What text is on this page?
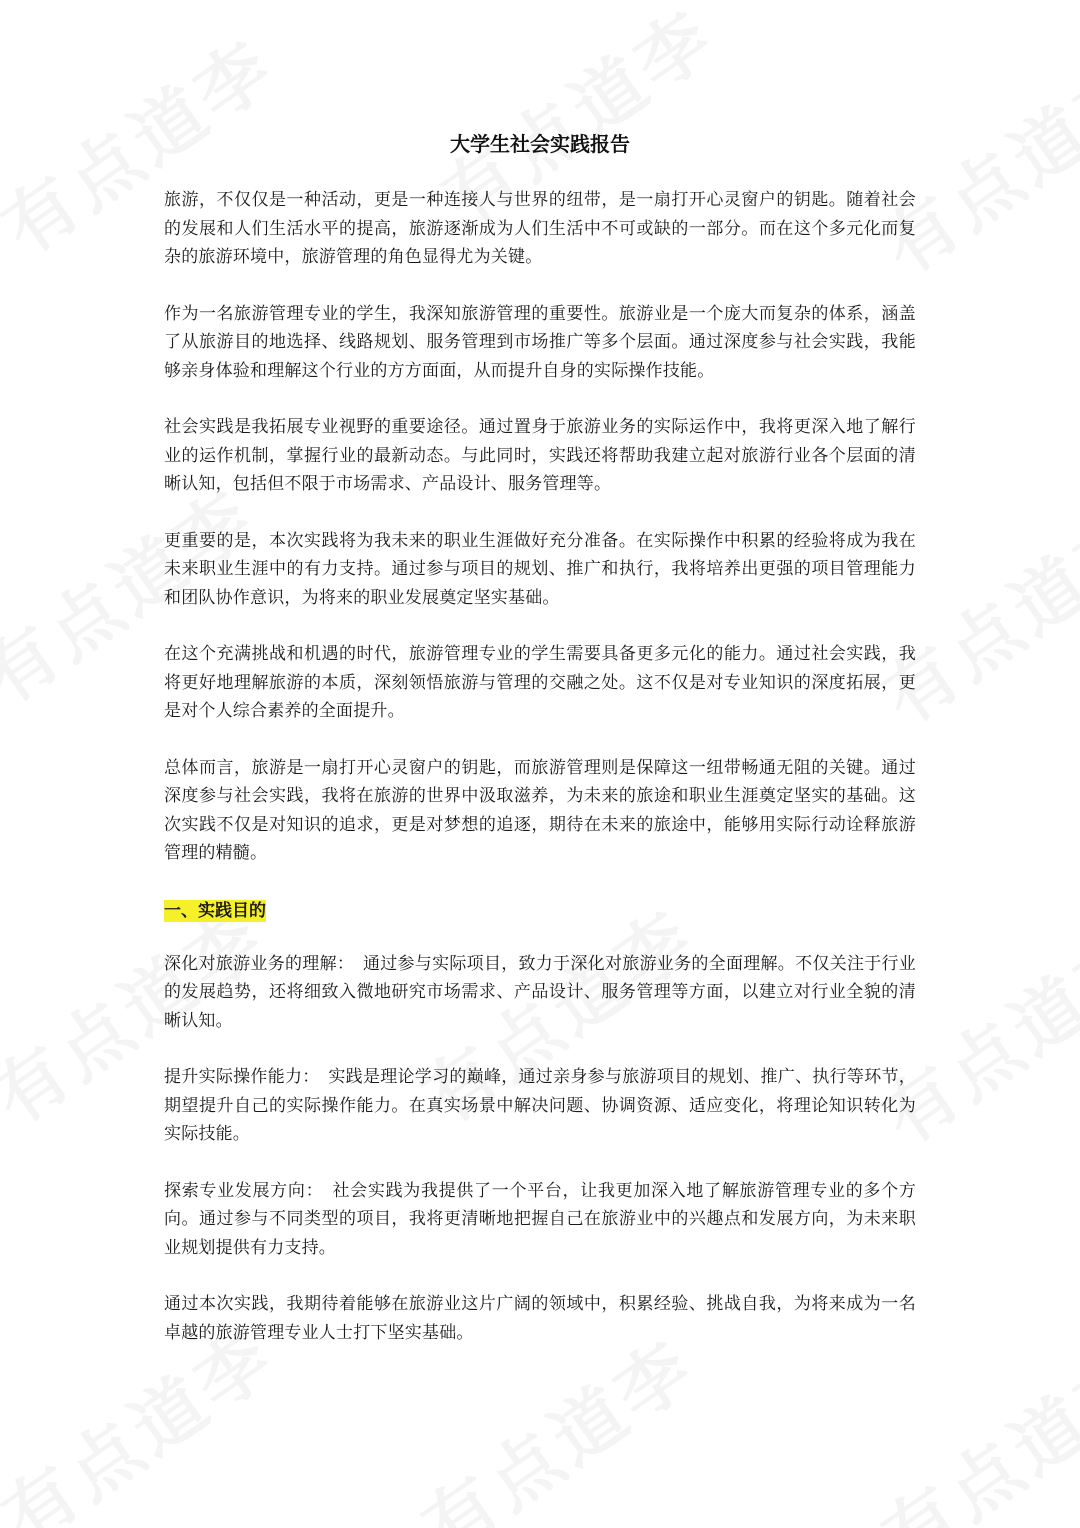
大学生社会实践报告

旅游，不仅仅是一种活动，更是一种连接人与世界的纽带，是一扇打开心灵窗户的钥匙。随着社会的发展和人们生活水平的提高，旅游逐渐成为人们生活中不可或缺的一部分。而在这个多元化而复杂的旅游环境中，旅游管理的角色显得尤为关键。

作为一名旅游管理专业的学生，我深知旅游管理的重要性。旅游业是一个庞大而复杂的体系，涵盖了从旅游目的地选择、线路规划、服务管理到市场推广等多个层面。通过深度参与社会实践，我能够亲身体验和理解这个行业的方方面面，从而提升自身的实际操作技能。

社会实践是我拓展专业视野的重要途径。通过置身于旅游业务的实际运作中，我将更深入地了解行业的运作机制，掌握行业的最新动态。与此同时，实践还将帮助我建立起对旅游行业各个层面的清晰认知，包括但不限于市场需求、产品设计、服务管理等。

更重要的是，本次实践将为我未来的职业生涯做好充分准备。在实际操作中积累的经验将成为我在未来职业生涯中的有力支持。通过参与项目的规划、推广和执行，我将培养出更强的项目管理能力和团队协作意识，为将来的职业发展奠定坚实基础。

在这个充满挑战和机遇的时代，旅游管理专业的学生需要具备更多元化的能力。通过社会实践，我将更好地理解旅游的本质，深刻领悟旅游与管理的交融之处。这不仅是对专业知识的深度拓展，更是对个人综合素养的全面提升。

总体而言，旅游是一扇打开心灵窗户的钥匙，而旅游管理则是保障这一纽带畅通无阻的关键。通过深度参与社会实践，我将在旅游的世界中汲取滋养，为未来的旅途和职业生涯奠定坚实的基础。这次实践不仅是对知识的追求，更是对梦想的追逐，期待在未来的旅途中，能够用实际行动诠释旅游管理的精髓。

一、实践目的

深化对旅游业务的理解：　 通过参与实际项目，致力于深化对旅游业务的全面理解。不仅关注于行业的发展趋势，还将细致入微地研究市场需求、产品设计、服务管理等方面，以建立对行业全貌的清晰认知。

提升实际操作能力：　 实践是理论学习的巅峰，通过亲身参与旅游项目的规划、推广、执行等环节，期望提升自己的实际操作能力。在真实场景中解决问题、协调资源、适应变化，将理论知识转化为实际技能。

探索专业发展方向：　 社会实践为我提供了一个平台，让我更加深入地了解旅游管理专业的多个方向。通过参与不同类型的项目，我将更清晰地把握自己在旅游业中的兴趣点和发展方向，为未来职业规划提供有力支持。

通过本次实践，我期待着能够在旅游业这片广阔的领域中，积累经验、挑战自我，为将来成为一名卓越的旅游管理专业人士打下坚实基础。
